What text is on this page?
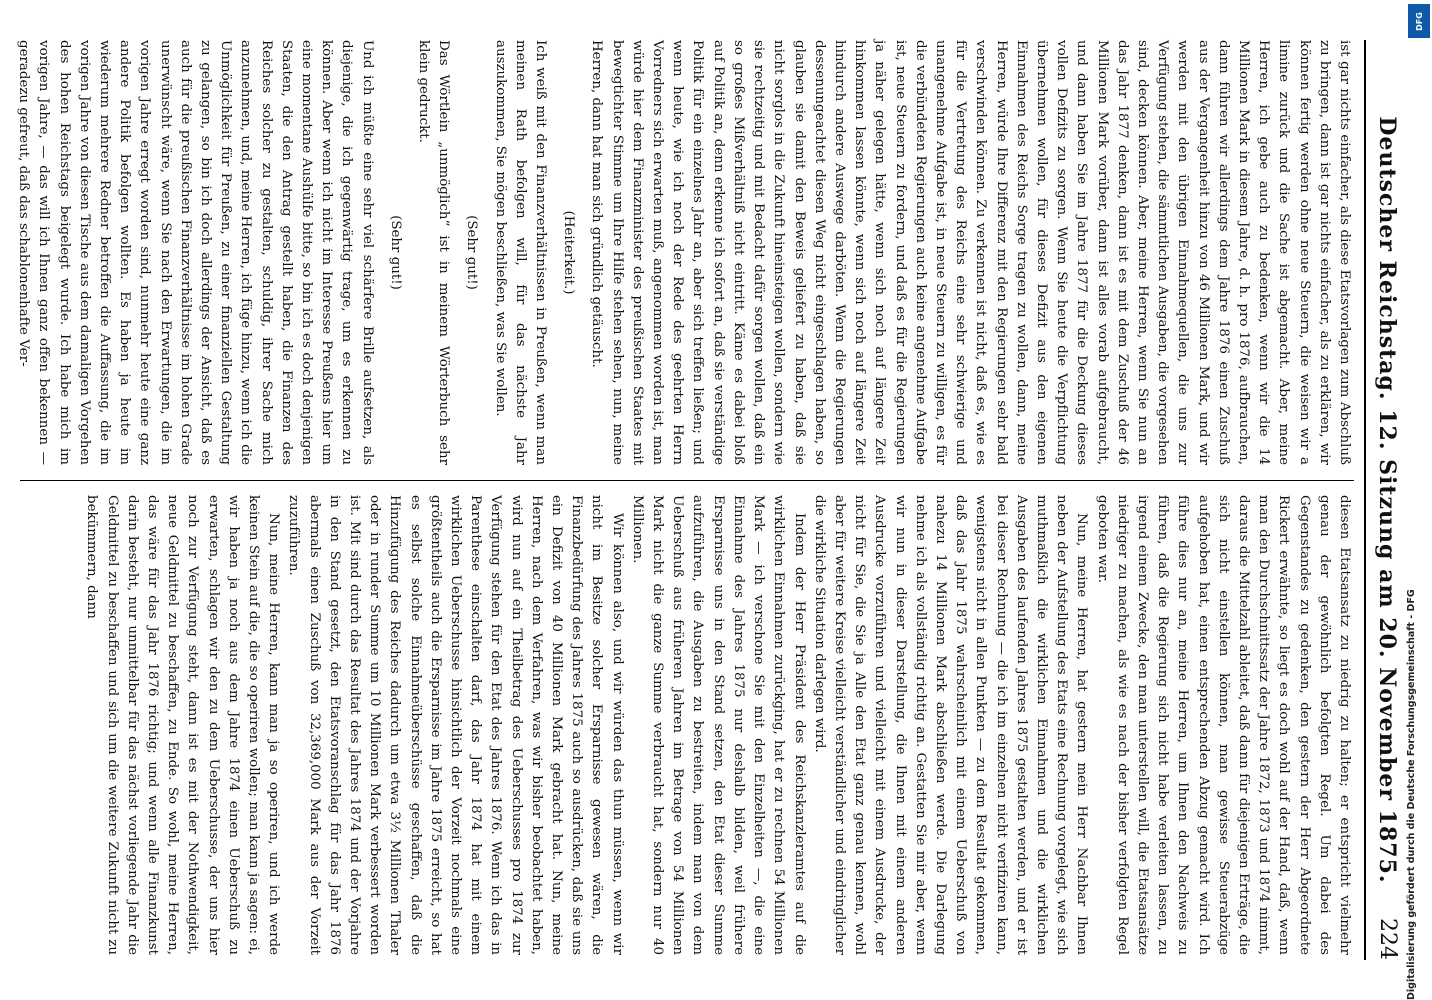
Deutscher Reichstag. 12. Sitzung am 20. November 1875.
224

diesen Etatsansatz zu niedrig zu halten; er entspricht vielmehr genau der gewöhnlich befolgten Regel. Um dabei des Gegenstandes zu gedenken, den gestern der Herr Abgeordnete Rickert erwähnte, so liegt es doch wohl auf der Hand, daß, wenn man den Durchschnittssatz der Jahre 1872, 1873 und 1874 nimmt, daraus die Mittelzahl ableitet, daß dann für diejenigen Erträge, die sich nicht einstellen können, man gewisse Steuerabzüge aufgehoben hat, einen entsprechenden Abzug gemacht wird. Ich führe dies nur an, meine Herren, um Ihnen den Nachweis zu führen, daß die Regierung sich nicht habe verleiten lassen, zu irgend einem Zwecke, den man unterstellen will, die Etatsansätze niedriger zu machen, als wie es nach der bisher verfolgten Regel geboten war.

Nun, meine Herren, hat gestern mein Herr Nachbar Ihnen neben der Aufstellung des Etats eine Rechnung vorgelegt, wie sich muthmaßlich die wirklichen Einnahmen und die wirklichen Ausgaben des laufenden Jahres 1875 gestalten werden, und er ist bei dieser Rechnung — die ich im einzelnen nicht verifiziren kann, wenigstens nicht in allen Punkten — zu dem Resultat gekommen, daß das Jahr 1875 wahrscheinlich mit einem Ueberschuß von nahezu 14 Millionen Mark abschließen werde. Die Darlegung nehme ich als vollständig richtig an. Gestatten Sie mir aber, wenn wir nun in dieser Darstellung, die Ihnen mit einem anderen Ausdrucke vorzuführen und vielleicht mit einem Ausdrucke, der nicht für Sie, die Sie ja Alle den Etat ganz genau kennen, wohl aber für weitere Kreise vielleicht verständlicher und eindringlicher die wirkliche Situation darlegen wird.

Indem der Herr Präsident des Reichskanzleramtes auf die wirklichen Einnahmen zurückging, hat er zu rechnen 54 Millionen Mark — ich verschone Sie mit den Einzelheiten —, die eine Einnahme des Jahres 1875 nur deshalb bilden, weil frühere Ersparnisse uns in den Stand setzen, den Etat dieser Summe aufzuführen, die Ausgaben zu bestreiten, indem man von dem Ueberschuß aus früheren Jahren im Betrage von 54 Millionen Mark nicht die ganze Summe verbraucht hat, sondern nur 40 Millionen.

Wir können also, und wir würden das thun müssen, wenn wir nicht im Besitze solcher Ersparnisse gewesen wären, die Finanzbedürfung des Jahres 1875 auch so ausdrücken, daß sie uns ein Defizit von 40 Millionen Mark gebracht hat. Nun, meine Herren, nach dem Verfahren, was wir bisher beobachtet haben, wird nun auf ein Theilbetrag des Ueberschusses pro 1874 zur Verfügung stehen für den Etat des Jahres 1876. Wenn ich das in Parenthese einschalten darf, das Jahr 1874 hat mit einem wirklichen Ueberschusse hinsichtlich der Vorzeit nochmals eine größtentheils auch die Ersparnisse im Jahre 1875 erreicht, so hat es selbst solche Einnahmeüberschüsse geschaffen, daß die Hinzufügung des Reiches dadurch um etwa 3½ Millionen Thaler oder in runder Summe um 10 Millionen Mark verbessert worden ist. Mit sind durch das Resultat des Jahres 1874 und der Vorjahre in den Stand gesetzt, den Etatsvoranschlag für das Jahr 1876 abermals einen Zuschuß von 32,369,000 Mark aus der Vorzeit zuzuführen.

Nun, meine Herren, kann man ja so operiren, und ich werde keinen Stein auf die, die so operiren wollen; man kann ja sagen: ei, wir haben ja noch aus dem Jahre 1874 einen Ueberschuß zu erwarten, schlagen wir den zu dem Ueberschusse, der uns hier noch zur Verfügung steht, dann ist es mit der Nothwendigkeit, neue Geldmittel zu beschaffen, zu Ende. So wohl, meine Herren, das wäre für das Jahr 1876 richtig; und wenn alle Finanzkunst darin besteht, nur unmittelbar für das nächst vorliegende Jahr die Geldmittel zu beschaffen und sich um die weitere Zukunft nicht zu bekümmern, dann

ist gar nichts einfacher, als diese Etatsvorlagen zum Abschluß zu bringen, dann ist gar nichts einfacher, als zu erklären, wir können fertig werden ohne neue Steuern, die weisen wir a limine zurück und die Sache ist abgemacht. Aber, meine Herren, ich gebe auch zu bedenken, wenn wir die 14 Millionen Mark in diesem Jahre, d. h. pro 1876, aufbrauchen, dann führen wir allerdings dem Jahre 1876 einen Zuschuß aus der Vergangenheit hinzu von 46 Millionen Mark, und wir werden mit den übrigen Einnahmequellen, die uns zur Verfügung stehen, die sämmtlichen Ausgaben, die vorgesehen sind, decken können. Aber, meine Herren, wenn Sie nun an das Jahr 1877 denken, dann ist es mit dem Zuschuß der 46 Millionen Mark vorüber, dann ist alles vorab aufgebraucht, und dann haben Sie im Jahre 1877 für die Deckung dieses vollen Defizits zu sorgen. Wenn Sie heute die Verpflichtung übernehmen wollen, für dieses Defizit aus den eigenen Einnahmen des Reichs Sorge tragen zu wollen, dann, meine Herren, würde Ihre Differenz mit den Regierungen sehr bald verschwinden können. Zu verkennen ist nicht, daß es, wie es für die Vertretung des Reichs eine sehr schwierige und unangenehme Aufgabe ist, in neue Steuern zu willigen, es für die verbündeten Regierungen auch keine angenehme Aufgabe ist, neue Steuern zu fordern, und daß es für die Regierungen ja näher gelegen hätte, wenn sich noch auf längere Zeit hinkommen lassen könnte, wenn sich noch auf längere Zeit hindurch andere Auswege darböten. Wenn die Regierungen dessenungeachtet diesen Weg nicht eingeschlagen haben, so glauben sie damit den Beweis geliefert zu haben, daß sie nicht sorglos in die Zukunft hineinsteigen wollen, sondern wie sie rechtzeitig und mit Bedacht dafür sorgen wollen, daß ein so großes Mißverhältniß nicht eintritt. Käme es dabei bloß auf Politik an, denn erkenne ich sofort an, daß sie verständige Politik für ein einzelnes Jahr an, aber sich treffen ließen; und wenn heute, wie ich noch der Rede des geehrten Herrn Vorredners sich erwarten muß, angenommen worden ist, man würde hier dem Finanzminister des preußischen Staates mit bewegtichter Stimme um Ihre Hilfe stehen sehen, nun, meine Herren, dann hat man sich gründlich getäuscht.

(Heiterkeit.)

Ich weiß mit den Finanzverhältnissen in Preußen, wenn man meinen Rath befolgen will, für das nächste Jahr auszukommen, Sie mögen beschließen, was Sie wollen.

(Sehr gut!)

Das Wörtlein „unmöglich“ ist in meinem Wörterbuch sehr klein gedruckt.

(Sehr gut!)

Und ich müßte eine sehr viel schärfere Brille aufsetzen, als diejenige, die ich gegenwärtig trage, um es erkennen zu können. Aber wenn ich nicht im Interesse Preußens hier um eine momentane Aushülfe bitte, so bin ich es doch denjenigen Staaten, die den Antrag gestellt haben, die Finanzen des Reiches solcher zu gestalten, schuldig, ihrer Sache mich anzunehmen, und, meine Herren, ich füge hinzu, wenn ich die Unmöglichkeit für Preußen, zu einer finanziellen Gestaltung zu gelangen, so bin ich doch allerdings der Ansicht, daß es auch für die preußischen Finanzverhältnisse im hohen Grade unerwünscht wäre, wenn Sie nach den Erwartungen, die im vorigen Jahre erregt worden sind, nunmehr heute eine ganz andere Politik befolgen wollten. Es haben ja heute im wiederum mehrere Redner betroffen die Auffassung, die im vorigen Jahre von diesen Tische aus dem damaligen Vorgehen des hohen Reichstags beigelegt wurde. Ich habe mich im vorigen Jahre, — das will ich Ihnen ganz offen bekennen — geradezu gefreut, daß das schablonenhafte Ver-

Digitalisierung gefördert durch die Deutsche Forschungsgemeinschaft - DFG
DFG
